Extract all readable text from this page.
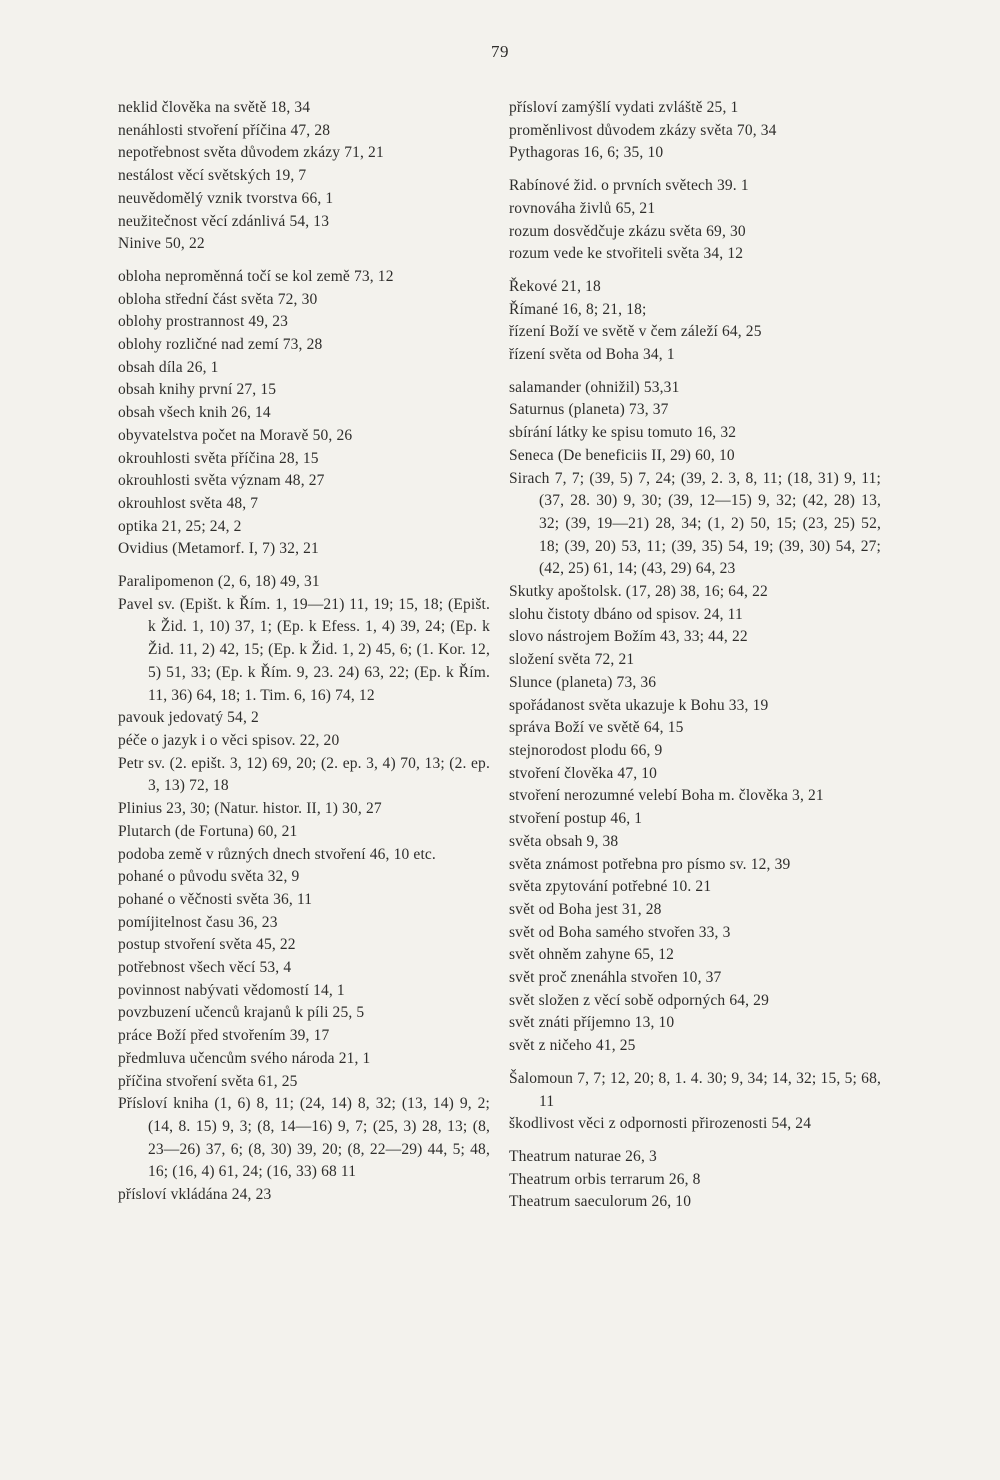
79
neklid člověka na světě 18, 34
nenáhlosti stvoření příčina 47, 28
nepotřebnost světa důvodem zkázy 71, 21
nestálost věcí světských 19, 7
neuvědomělý vznik tvorstva 66, 1
neužitečnost věcí zdánlivá 54, 13
Ninive 50, 22
obloha neproměnná točí se kol země 73, 12
obloha střední část světa 72, 30
oblohy prostrannost 49, 23
oblohy rozličné nad zemí 73, 28
obsah díla 26, 1
obsah knihy první 27, 15
obsah všech knih 26, 14
obyvatelstva počet na Moravě 50, 26
okrouhlosti světa příčina 28, 15
okrouhlosti světa význam 48, 27
okrouhlost světa 48, 7
optika 21, 25; 24, 2
Ovidius (Metamorf. I, 7) 32, 21
Paralipomenon (2, 6, 18) 49, 31
Pavel sv. (Epišt. k Řím. 1, 19—21) 11, 19; 15, 18; (Epišt. k Žid. 1, 10) 37, 1; (Ep. k Efess. 1, 4) 39, 24; (Ep. k Žid. 11, 2) 42, 15; (Ep. k Žid. 1, 2) 45, 6; (1. Kor. 12, 5) 51, 33; (Ep. k Řím. 9, 23. 24) 63, 22; (Ep. k Řím. 11, 36) 64, 18; 1. Tim. 6, 16) 74, 12
pavouk jedovatý 54, 2
péče o jazyk i o věci spisov. 22, 20
Petr sv. (2. epišt. 3, 12) 69, 20; (2. ep. 3, 4) 70, 13; (2. ep. 3, 13) 72, 18
Plinius 23, 30; (Natur. histor. II, 1) 30, 27
Plutarch (de Fortuna) 60, 21
podoba země v různých dnech stvoření 46, 10 etc.
pohané o původu světa 32, 9
pohané o věčnosti světa 36, 11
pomíjitelnost času 36, 23
postup stvoření světa 45, 22
potřebnost všech věcí 53, 4
povinnost nabývati vědomostí 14, 1
povzbuzení učenců krajanů k píli 25, 5
práce Boží před stvořením 39, 17
předmluva učencům svého národa 21, 1
příčina stvoření světa 61, 25
Přísloví kniha (1, 6) 8, 11; (24, 14) 8, 32; (13, 14) 9, 2; (14, 8. 15) 9, 3; (8, 14—16) 9, 7; (25, 3) 28, 13; (8, 23—26) 37, 6; (8, 30) 39, 20; (8, 22—29) 44, 5; 48, 16; (16, 4) 61, 24; (16, 33) 68 11
přísloví vkládána 24, 23
přísloví zamýšlí vydati zvláště 25, 1
proměnlivost důvodem zkázy světa 70, 34
Pythagoras 16, 6; 35, 10
Rabínové žid. o prvních světech 39. 1
rovnováha živlů 65, 21
rozum dosvědčuje zkázu světa 69, 30
rozum vede ke stvořiteli světa 34, 12
Řekové 21, 18
Římané 16, 8; 21, 18;
řízení Boží ve světě v čem záleží 64, 25
řízení světa od Boha 34, 1
salamander (ohnižil) 53,31
Saturnus (planeta) 73, 37
sbírání látky ke spisu tomuto 16, 32
Seneca (De beneficiis II, 29) 60, 10
Sirach 7, 7; (39, 5) 7, 24; (39, 2. 3, 8, 11; (18, 31) 9, 11; (37, 28. 30) 9, 30; (39, 12—15) 9, 32; (42, 28) 13, 32; (39, 19—21) 28, 34; (1, 2) 50, 15; (23, 25) 52, 18; (39, 20) 53, 11; (39, 35) 54, 19; (39, 30) 54, 27; (42, 25) 61, 14; (43, 29) 64, 23
Skutky apoštolsk. (17, 28) 38, 16; 64, 22
slohu čistoty dbáno od spisov. 24, 11
slovo nástrojem Božím 43, 33; 44, 22
složení světa 72, 21
Slunce (planeta) 73, 36
spořádanost světa ukazuje k Bohu 33, 19
správa Boží ve světě 64, 15
stejnorodost plodu 66, 9
stvoření člověka 47, 10
stvoření nerozumné velebí Boha m. člověka 3, 21
stvoření postup 46, 1
světa obsah 9, 38
světa známost potřebna pro písmo sv. 12, 39
světa zpytování potřebné 10. 21
svět od Boha jest 31, 28
svět od Boha samého stvořen 33, 3
svět ohněm zahyne 65, 12
svět proč znenáhla stvořen 10, 37
svět složen z věcí sobě odporných 64, 29
svět znáti příjemno 13, 10
svět z ničeho 41, 25
Šalomoun 7, 7; 12, 20; 8, 1. 4. 30; 9, 34; 14, 32; 15, 5; 68, 11
škodlivost věci z odpornosti přirozenosti 54, 24
Theatrum naturae 26, 3
Theatrum orbis terrarum 26, 8
Theatrum saeculorum 26, 10
